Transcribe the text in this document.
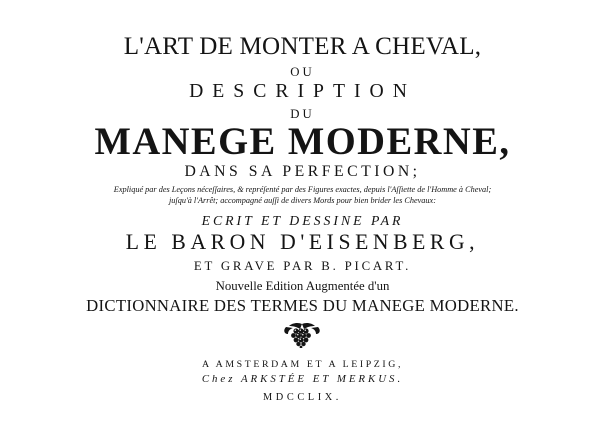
L'ART DE MONTER A CHEVAL,
OU
DESCRIPTION
DU
MANEGE MODERNE,
DANS SA PERFECTION;
Expliqué par des Leçons néceſſaires, & repréſenté par des Figures exactes, depuis l'Aſſiette de l'Homme à Cheval;
juſqu'à l'Arrêt; accompagné auſſi de divers Mords pour bien brider les Chevaux:
ECRIT ET DESSINE PAR
LE BARON D'EISENBERG,
ET GRAVE PAR B. PICART.
Nouvelle Edition Augmentée d'un
DICTIONNAIRE DES TERMES DU MANEGE MODERNE.
A AMSTERDAM ET A LEIPZIG,
Chez ARKSTÉE ET MERKUS.
MDCCLIX.
